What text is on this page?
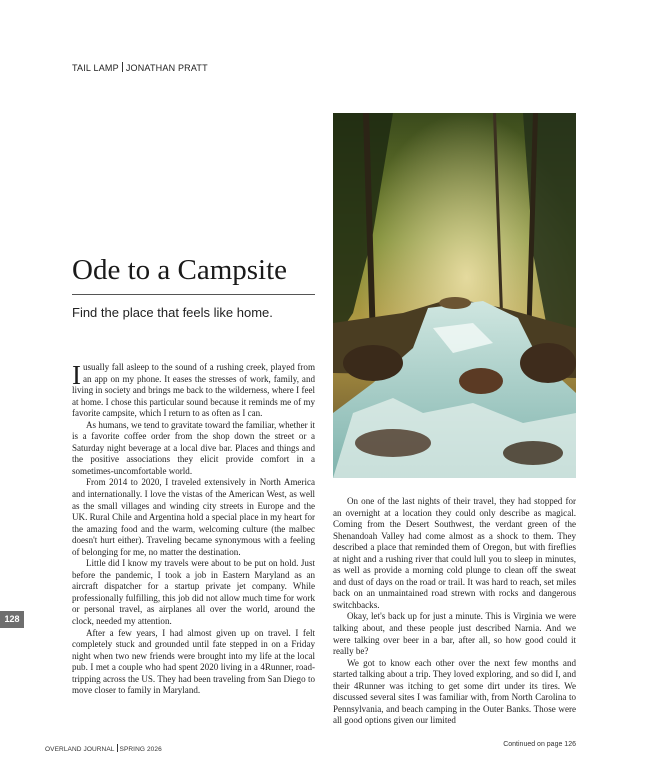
TAIL LAMP JONATHAN PRATT
Ode to a Campsite
Find the place that feels like home.

Iusually fall asleep to the sound of a rushing creek, played from an app on my phone. It eases the stresses of work, family, and living in society and brings me back to the wilderness, where I feel at home. I chose this particular sound because it reminds me of my favorite campsite, which I return to as often as I can.

As humans, we tend to gravitate toward the familiar, whether it is a favorite coffee order from the shop down the street or a Saturday night beverage at a local dive bar. Places and things and the positive associations they elicit provide comfort in a sometimes-uncomfortable world.

From 2014 to 2020, I traveled extensively in North America and internationally. I love the vistas of the American West, as well as the small villages and winding city streets in Europe and the UK. Rural Chile and Argentina hold a special place in my heart for the amazing food and the warm, welcoming culture (the malbec doesn't hurt either). Traveling became synonymous with a feeling of belonging for me, no matter the destination.

Little did I know my travels were about to be put on hold. Just before the pandemic, I took a job in Eastern Maryland as an aircraft dispatcher for a startup private jet company. While professionally fulfilling, this job did not allow much time for work or personal travel, as airplanes all over the world, around the clock, needed my attention.

After a few years, I had almost given up on travel. I felt completely stuck and grounded until fate stepped in on a Friday night when two new friends were brought into my life at the local pub. I met a couple who had spent 2020 living in a 4Runner, road-tripping across the US. They had been traveling from San Diego to move closer to family in Maryland.

On one of the last nights of their travel, they had stopped for an overnight at a location they could only describe as magical. Coming from the Desert Southwest, the verdant green of the Shenandoah Valley had come almost as a shock to them. They described a place that reminded them of Oregon, but with fireflies at night and a rushing river that could lull you to sleep in minutes, as well as provide a morning cold plunge to clean off the sweat and dust of days on the road or trail. It was hard to reach, set miles back on an unmaintained road strewn with rocks and dangerous switchbacks.

Okay, let's back up for just a minute. This is Virginia we were talking about, and these people just described Narnia. And we were talking over beer in a bar, after all, so how good could it really be?

We got to know each other over the next few months and started talking about a trip. They loved exploring, and so did I, and their 4Runner was itching to get some dirt under its tires. We discussed several sites I was familiar with, from North Carolina to Pennsylvania, and beach camping in the Outer Banks. Those were all good options given our limited

128
OVERLAND JOURNAL SPRING 2026
Continued on page 126
